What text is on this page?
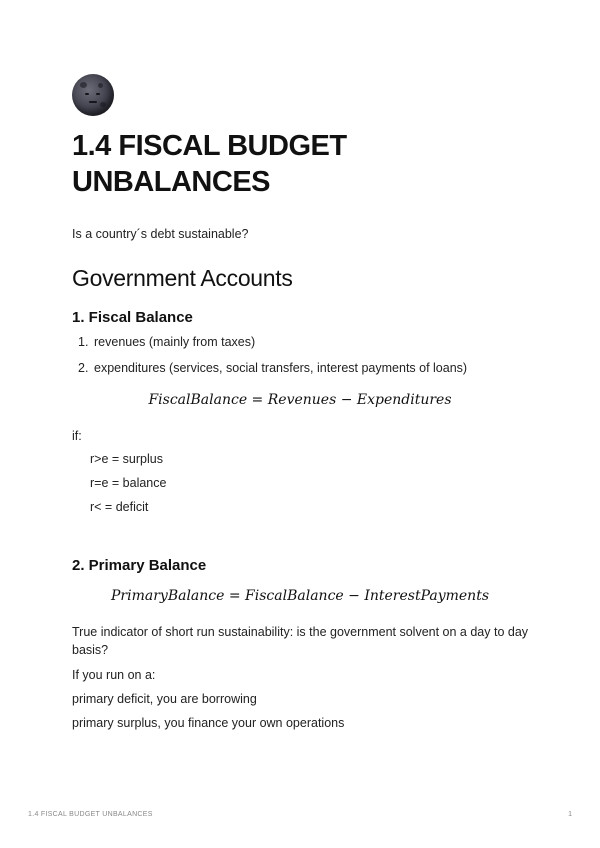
1.4 FISCAL BUDGET UNBALANCES
Is a country´s debt sustainable?
Government Accounts
1. Fiscal Balance
1. revenues (mainly from taxes)
2. expenditures (services, social transfers, interest payments of loans)
FiscalBalance = Revenues − Expenditures
if:
r>e = surplus
r=e = balance
r< = deficit
2. Primary Balance
PrimaryBalance = FiscalBalance − InterestPayments
True indicator of short run sustainability: is the government solvent on a day to day basis?
If you run on a:
primary deficit, you are borrowing
primary surplus, you finance your own operations
1.4 FISCAL BUDGET UNBALANCES	1
